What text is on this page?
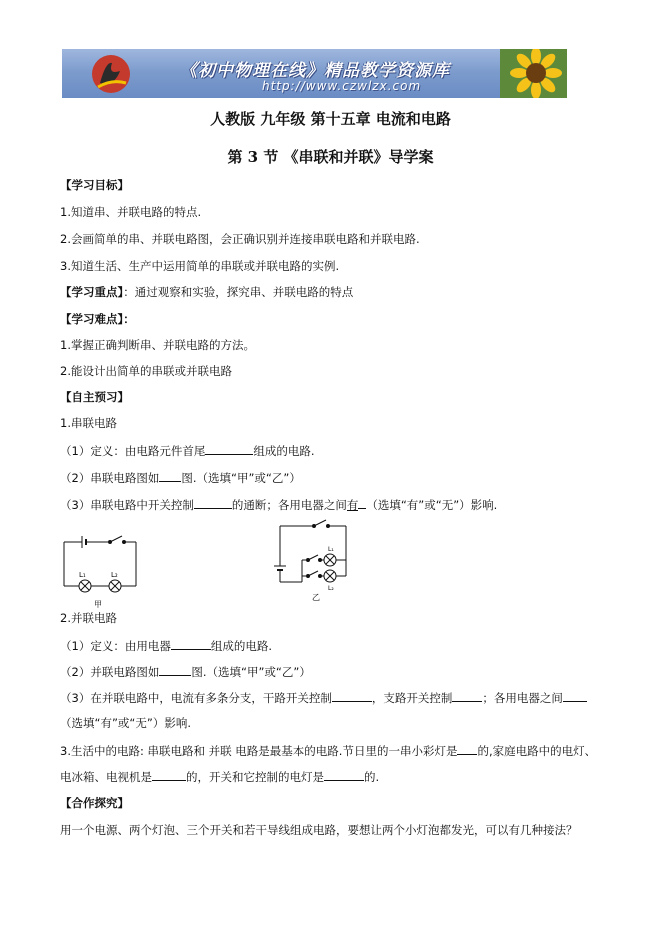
《初中物理在线》精品教学资源库
http://www.czwlzx.com
人教版 九年级 第十五章 电流和电路
第 3 节 《串联和并联》导学案
【学习目标】
1.知道串、并联电路的特点.
2.会画简单的串、并联电路图，会正确识别并连接串联电路和并联电路.
3.知道生活、生产中运用简单的串联或并联电路的实例.
【学习重点】：通过观察和实验，探究串、并联电路的特点
【学习难点】：
1.掌握正确判断串、并联电路的方法。
2.能设计出简单的串联或并联电路
【自主预习】
1.串联电路
（1）定义：由电路元件首尾	组成的电路.
（2）串联电路图如 图.（选填“甲”或“乙”）
（3）串联电路中开关控制	的通断；各用电器之间有 （选填“有”或“无”）影响.
L₁	L₂
甲
L₁
L₂
乙
2.并联电路
（1）定义：由用电器	组成的电路.
（2）并联电路图如	图.（选填“甲”或“乙”）
（3）在并联电路中，电流有多条分支，干路开关控制	，支路开关控制	；各用电器之间
（选填“有”或“无”）影响.
3.生活中的电路: 串联电路和 并联 电路是最基本的电路.节日里的一串小彩灯是 的,家庭电路中的电灯、
电冰箱、电视机是	的，开关和它控制的电灯是	的.
【合作探究】
用一个电源、两个灯泡、三个开关和若干导线组成电路，要想让两个小灯泡都发光，可以有几种接法？
